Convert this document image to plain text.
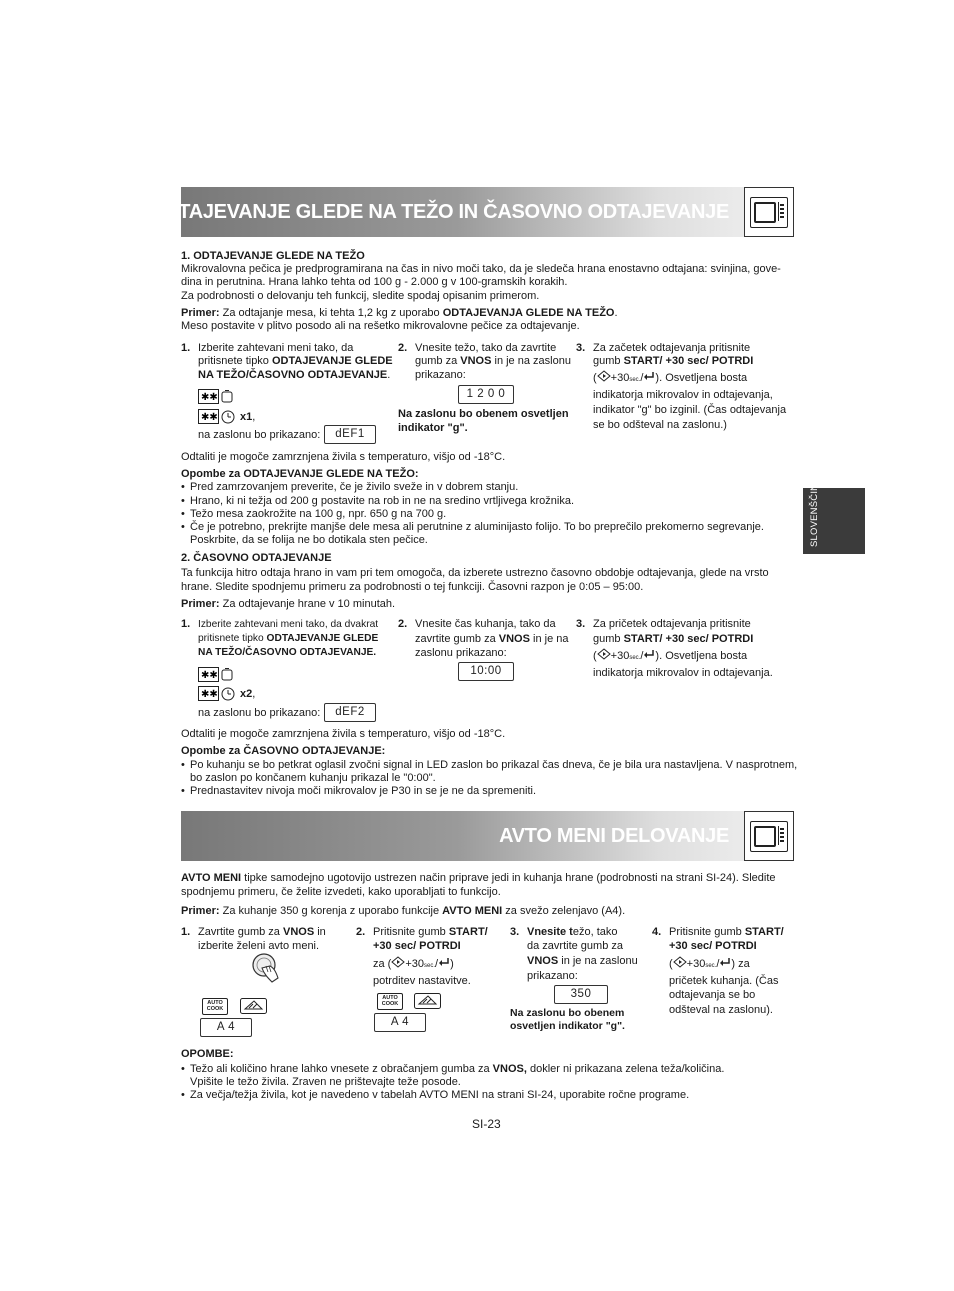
ODTAJEVANJE GLEDE NA TEŽO IN ČASOVNO ODTAJEVANJE
SLOVENŠČINA
1. ODTAJEVANJE GLEDE NA TEŽO
Mikrovalovna pečica je predprogramirana na čas in nivo moči tako, da je sledeča hrana enostavno odtajana: svinjina, gove-
dina in perutnina. Hrana lahko tehta od 100 g - 2.000 g v 100-gramskih korakih.
Za podrobnosti o delovanju teh funkcij, sledite spodaj opisanim primerom.
Primer: Za odtajanje mesa, ki tehta 1,2 kg z uporabo ODTAJEVANJA GLEDE NA TEŽO.
Meso postavite v plitvo posodo ali na rešetko mikrovalovne pečice za odtajevanje.
1. Izberite zahtevani meni tako, da
pritisnete tipko ODTAJEVANJE GLEDE
NA TEŽO/ČASOVNO ODTAJEVANJE.
✱✱
✱✱ x1,
na zaslonu bo prikazano:	dEF1
2. Vnesite težo, tako da zavrtite
gumb za VNOS in je na zaslonu
prikazano:
1 2 0 0
Na zaslonu bo obenem osvetljen
indikator "g".
3. Za začetek odtajevanja pritisnite
gumb START/ +30 sec/ POTRDI
( +30sec./ ). Osvetljena bosta
indikatorja mikrovalov in odtajevanja,
indikator "g" bo izginil. (Čas odtajevanja
se bo odšteval na zaslonu.)
Odtaliti je mogoče zamrznjena živila s temperaturo, višjo od -18°C.
Opombe za ODTAJEVANJE GLEDE NA TEŽO:
• Pred zamrzovanjem preverite, če je živilo sveže in v dobrem stanju.
• Hrano, ki ni težja od 200 g postavite na rob in ne na sredino vrtljivega krožnika.
• Težo mesa zaokrožite na 100 g, npr. 650 g na 700 g.
• Če je potrebno, prekrijte manjše dele mesa ali perutnine z aluminijasto folijo. To bo preprečilo prekomerno segrevanje.
Poskrbite, da se folija ne bo dotikala sten pečice.
2. ČASOVNO ODTAJEVANJE
Ta funkcija hitro odtaja hrano in vam pri tem omogoča, da izberete ustrezno časovno obdobje odtajevanja, glede na vrsto
hrane. Sledite spodnjemu primeru za podrobnosti o tej funkciji. Časovni razpon je 0:05 – 95:00.
Primer: Za odtajevanje hrane v 10 minutah.
1. Izberite zahtevani meni tako, da dvakrat
pritisnete tipko ODTAJEVANJE GLEDE
NA TEŽO/ČASOVNO ODTAJEVANJE.
✱✱
✱✱ x2,
na zaslonu bo prikazano:	dEF2
2. Vnesite čas kuhanja, tako da
zavrtite gumb za VNOS in je na
zaslonu prikazano:
10:00
3. Za pričetek odtajevanja pritisnite
gumb START/ +30 sec/ POTRDI
( +30sec./ ). Osvetljena bosta
indikatorja mikrovalov in odtajevanja.
Odtaliti je mogoče zamrznjena živila s temperaturo, višjo od -18°C.
Opombe za ČASOVNO ODTAJEVANJE:
• Po kuhanju se bo petkrat oglasil zvočni signal in LED zaslon bo prikazal čas dneva, če je bila ura nastavljena. V nasprotnem,
bo zaslon po končanem kuhanju prikazal le "0:00".
• Prednastavitev nivoja moči mikrovalov je P30 in se je ne da spremeniti.
AVTO MENI DELOVANJE
AVTO MENI tipke samodejno ugotovijo ustrezen način priprave jedi in kuhanja hrane (podrobnosti na strani SI-24). Sledite
spodnjemu primeru, če želite izvedeti, kako uporabljati to funkcijo.
Primer: Za kuhanje 350 g korenja z uporabo funkcije AVTO MENI za svežo zelenjavo (A4).
1. Zavrtite gumb za VNOS in
izberite želeni avto meni.
AUTO COOK
A 4
2. Pritisnite gumb START/
+30 sec/ POTRDI
za ( +30sec./ )
potrditev nastavitve.
AUTO COOK
A 4
3. Vnesite težo, tako
da zavrtite gumb za
VNOS in je na zaslonu
prikazano:
350
Na zaslonu bo obenem
osvetljen indikator "g".
4. Pritisnite gumb START/
+30 sec/ POTRDI
( +30sec./ ) za
pričetek kuhanja. (Čas
odtajevanja se bo
odšteval na zaslonu).
OPOMBE:
• Težo ali količino hrane lahko vnesete z obračanjem gumba za VNOS, dokler ni prikazana zelena teža/količina.
Vpišite le težo živila. Zraven ne prištevajte teže posode.
• Za večja/težja živila, kot je navedeno v tabelah AVTO MENI na strani SI-24, uporabite ročne programe.
SI-23
